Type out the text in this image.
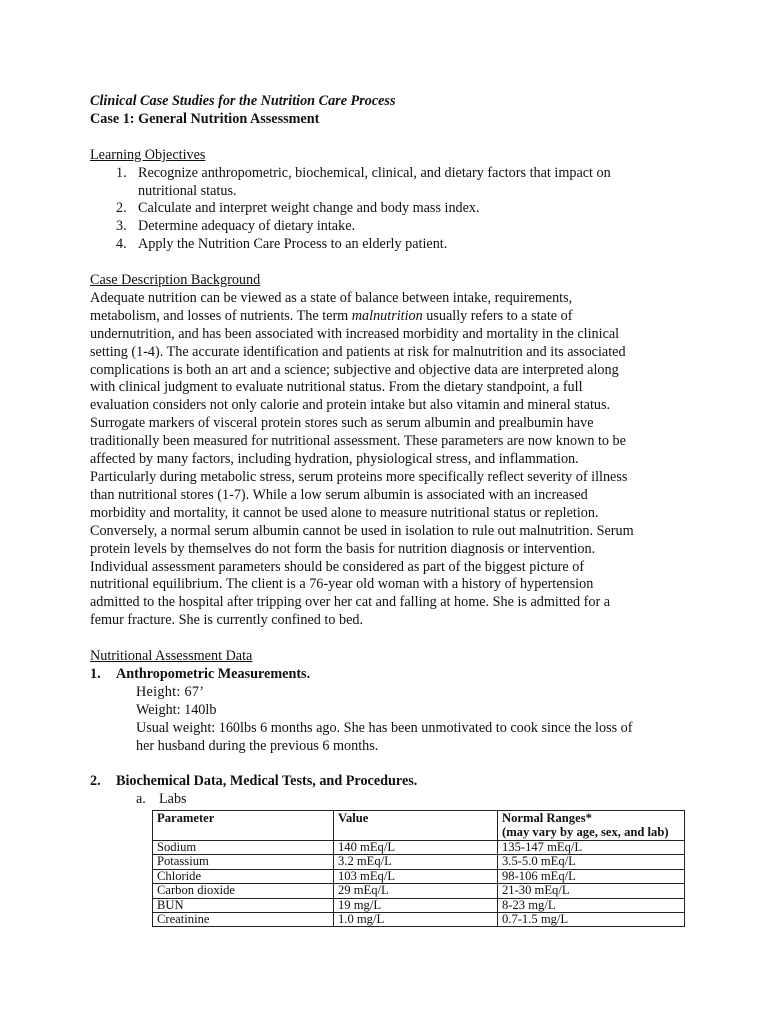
Clinical Case Studies for the Nutrition Care Process
Case 1: General Nutrition Assessment
Learning Objectives
1. Recognize anthropometric, biochemical, clinical, and dietary factors that impact on
nutritional status.
2. Calculate and interpret weight change and body mass index.
3. Determine adequacy of dietary intake.
4. Apply the Nutrition Care Process to an elderly patient.
Case Description Background
Adequate nutrition can be viewed as a state of balance between intake, requirements,
metabolism, and losses of nutrients. The term malnutrition usually refers to a state of
undernutrition, and has been associated with increased morbidity and mortality in the clinical
setting (1-4). The accurate identification and patients at risk for malnutrition and its associated
complications is both an art and a science; subjective and objective data are interpreted along
with clinical judgment to evaluate nutritional status. From the dietary standpoint, a full
evaluation considers not only calorie and protein intake but also vitamin and mineral status.
Surrogate markers of visceral protein stores such as serum albumin and prealbumin have
traditionally been measured for nutritional assessment. These parameters are now known to be
affected by many factors, including hydration, physiological stress, and inflammation.
Particularly during metabolic stress, serum proteins more specifically reflect severity of illness
than nutritional stores (1-7). While a low serum albumin is associated with an increased
morbidity and mortality, it cannot be used alone to measure nutritional status or repletion.
Conversely, a normal serum albumin cannot be used in isolation to rule out malnutrition. Serum
protein levels by themselves do not form the basis for nutrition diagnosis or intervention.
Individual assessment parameters should be considered as part of the biggest picture of
nutritional equilibrium. The client is a 76-year old woman with a history of hypertension
admitted to the hospital after tripping over her cat and falling at home. She is admitted for a
femur fracture. She is currently confined to bed.
Nutritional Assessment Data
1. Anthropometric Measurements.
Height: 67’
Weight: 140lb
Usual weight: 160lbs 6 months ago. She has been unmotivated to cook since the loss of
her husband during the previous 6 months.
2. Biochemical Data, Medical Tests, and Procedures.
a. Labs
Parameter	Value	Normal Ranges*
(may vary by age, sex, and lab)

Sodium	140 mEq/L	135-147 mEq/L
Potassium	3.2 mEq/L	3.5-5.0 mEq/L
Chloride	103 mEq/L	98-106 mEq/L
Carbon dioxide	29 mEq/L	21-30 mEq/L
BUN	19 mg/L	8-23 mg/L
Creatinine	1.0 mg/L	0.7-1.5 mg/L
